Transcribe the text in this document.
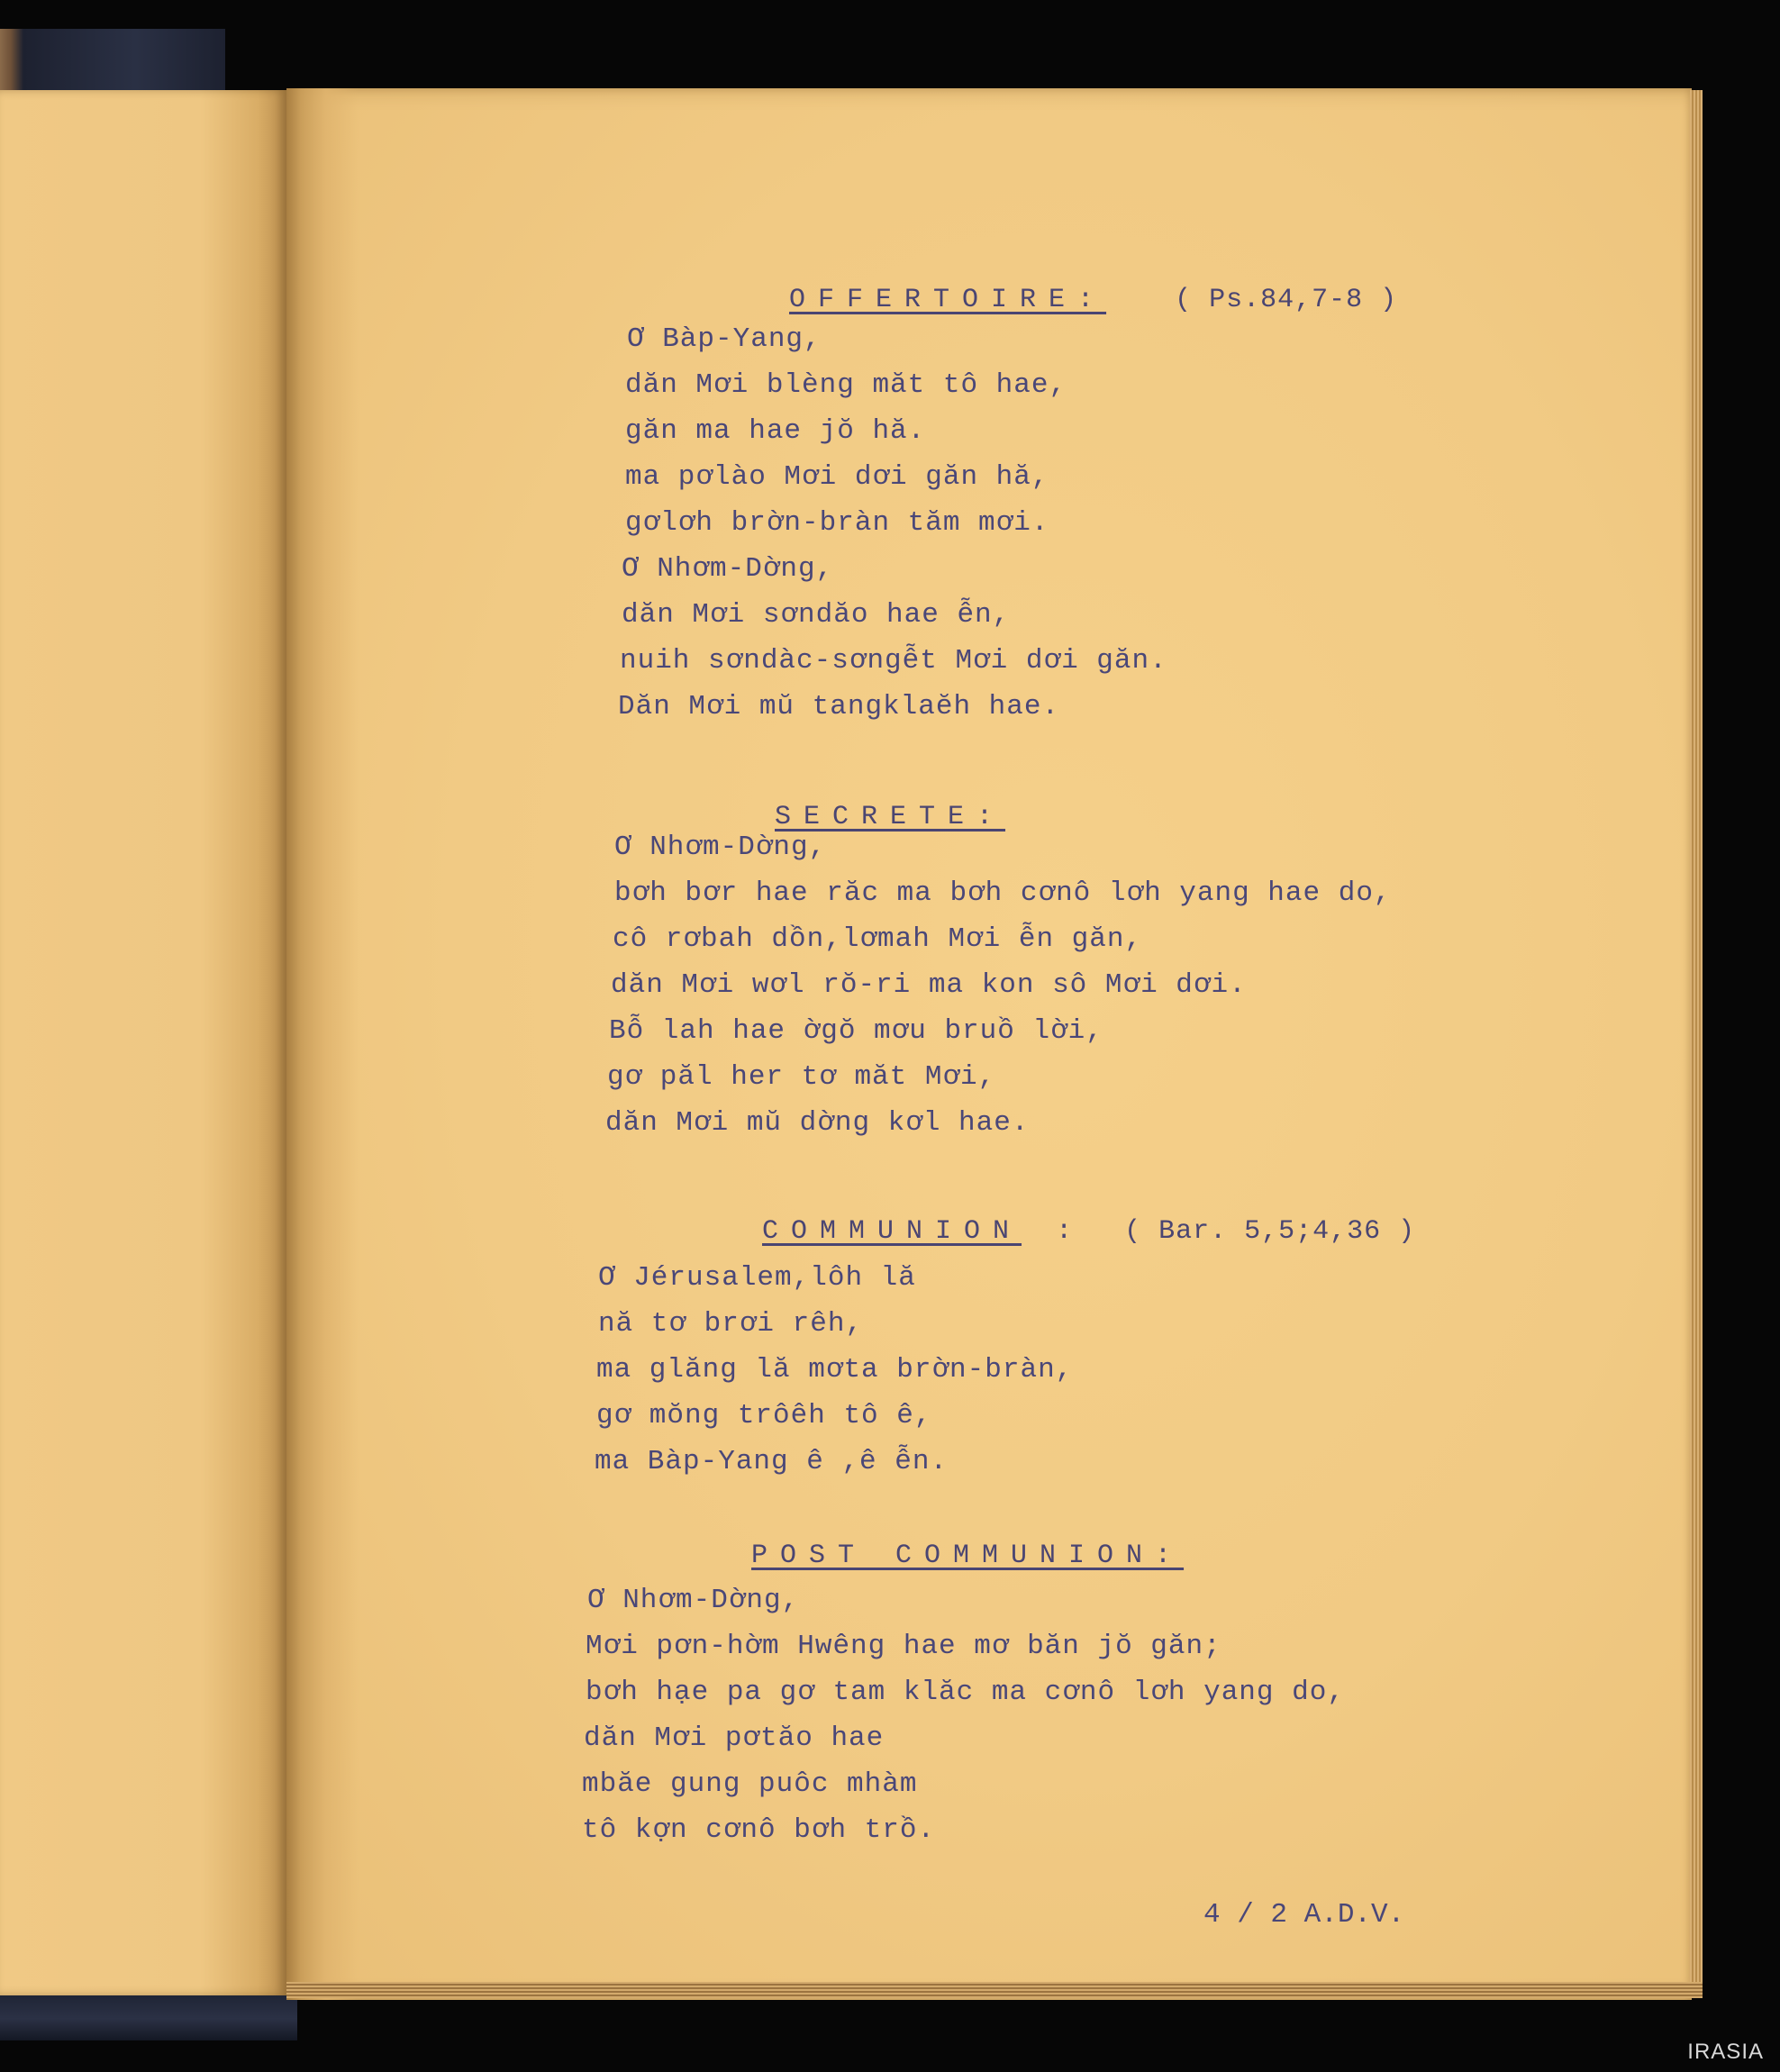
OFFERTOIRE:	( Ps.84,7-8 )

Ơ Bàp-Yang,
dăn Mơi blèng măt tô hae,
găn ma hae jŏ hă.
ma pơlào Mơi dơi găn hă,
gơlơh brờn-bràn tăm mơi.
Ơ Nhơm-Dờng,
dăn Mơi sơndăo hae ễn,
nuih sơndàc-sơngễt Mơi dơi găn.
Dăn Mơi mŭ tangklaĕh hae.

SECRETE:

Ơ Nhơm-Dờng,
bơh bơr hae răc ma bơh cơnô lơh yang hae do,
cô rơbah dồn,lơmah Mơi ễn găn,
dăn Mơi wơl rŏ-ri ma kon sô Mơi dơi.
Bỗ lah hae ờgŏ mơu bruồ lời,
gơ păl her tơ măt Mơi,
dăn Mơi mŭ dờng kơl hae.

COMMUNION : ( Bar. 5,5;4,36 )

Ơ Jérusalem,lôh lă
nă tơ brơi rêh,
ma glăng lă mơta brờn-bràn,
gơ mŏng trôêh tô ê,
ma Bàp-Yang ê ,ê ễn.

POST COMMUNION:

Ơ Nhơm-Dờng,
Mơi pơn-hờm Hwêng hae mơ băn jŏ găn;
bơh hạe pa gơ tam klăc ma cơnô lơh yang do,
dăn Mơi pơtăo hae
mbăe gung puôc mhàm
tô kợn cơnô bơh trồ.
4 / 2 A.D.V.
IRASIA
